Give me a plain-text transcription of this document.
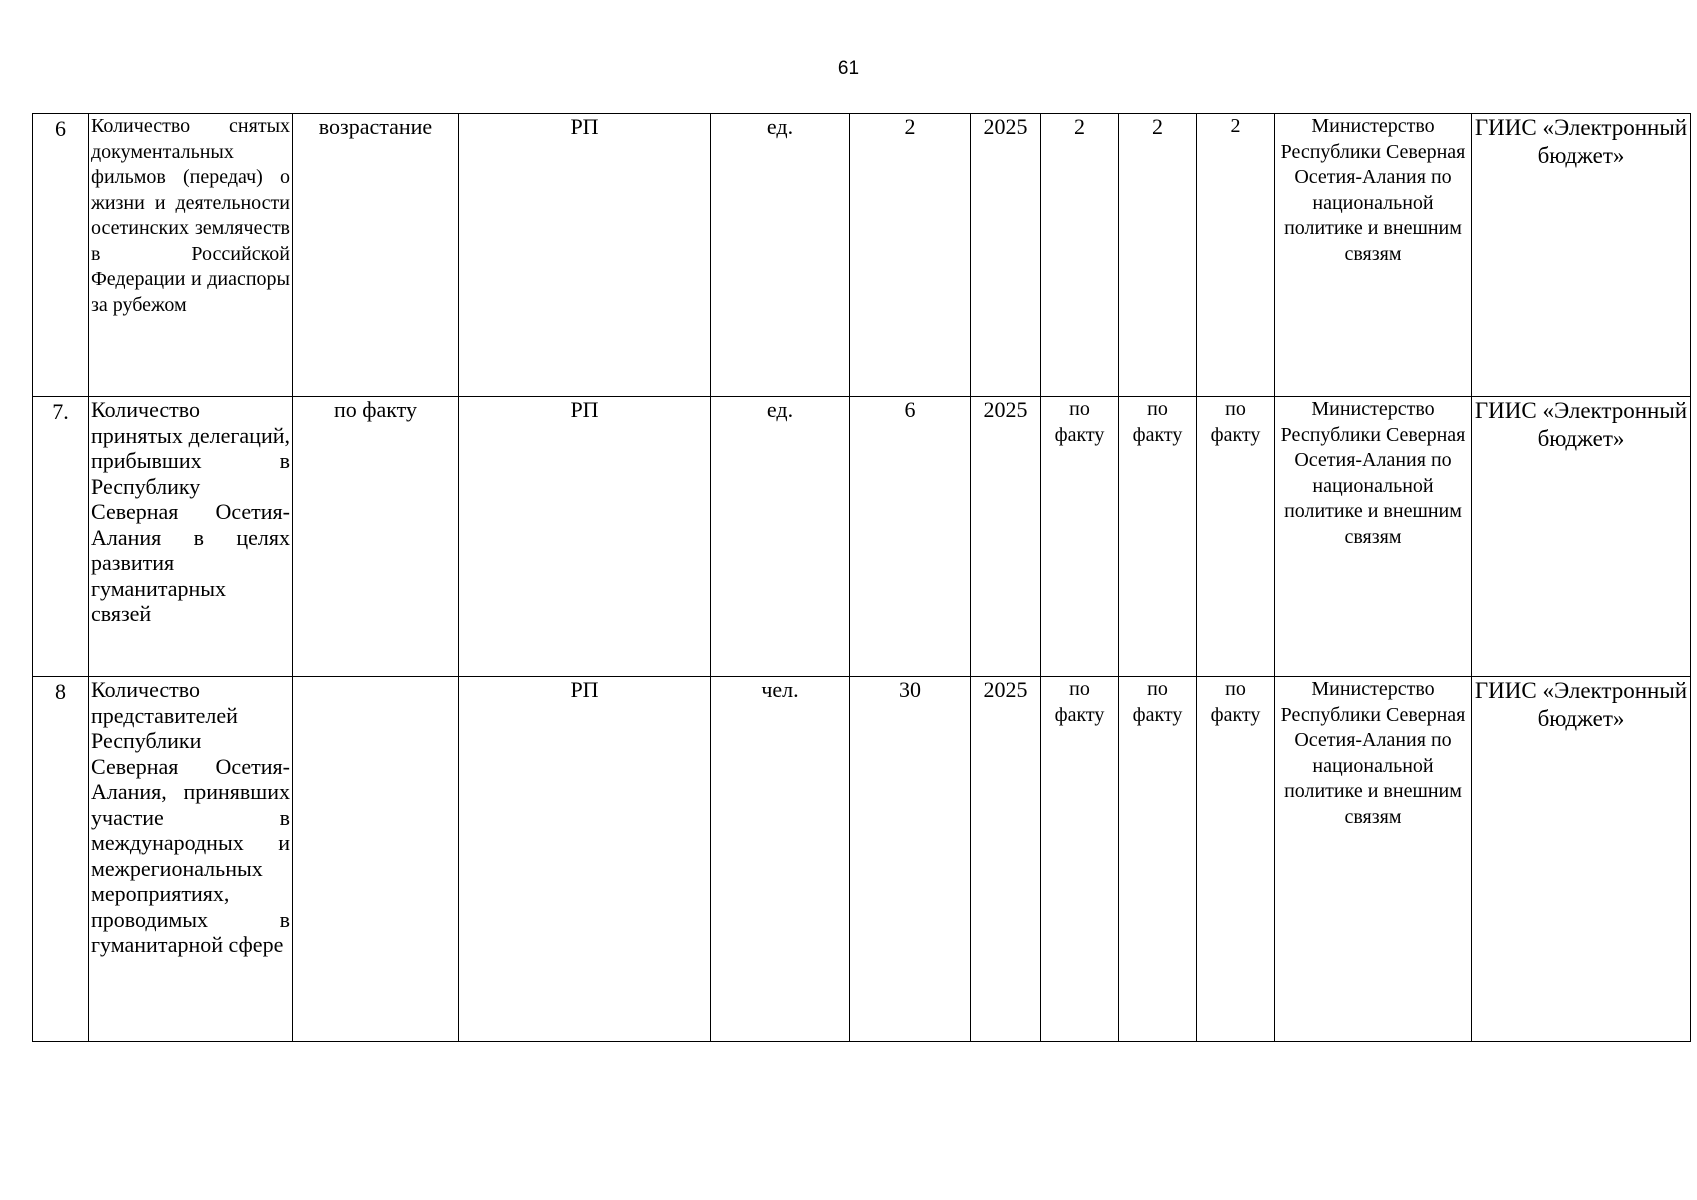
61
6	Количество снятых документальных фильмов (передач) о жизни и деятельности осетинских землячеств в Российской Федерации и диаспоры за рубежом	возрастание	РП	ед.	2	2025	2	2	2	Министерство Республики Северная Осетия-Алания по национальной политике и внешним связям	ГИИС «Электронный бюджет»
7.	Количество принятых делегаций, прибывших в Республику Северная Осетия-Алания в целях развития гуманитарных связей	по факту	РП	ед.	6	2025	по факту	по факту	по факту	Министерство Республики Северная Осетия-Алания по национальной политике и внешним связям	ГИИС «Электронный бюджет»
8	Количество представителей Республики Северная Осетия-Алания, принявших участие в международных и межрегиональных мероприятиях, проводимых в гуманитарной сфере		РП	чел.	30	2025	по факту	по факту	по факту	Министерство Республики Северная Осетия-Алания по национальной политике и внешним связям	ГИИС «Электронный бюджет»
